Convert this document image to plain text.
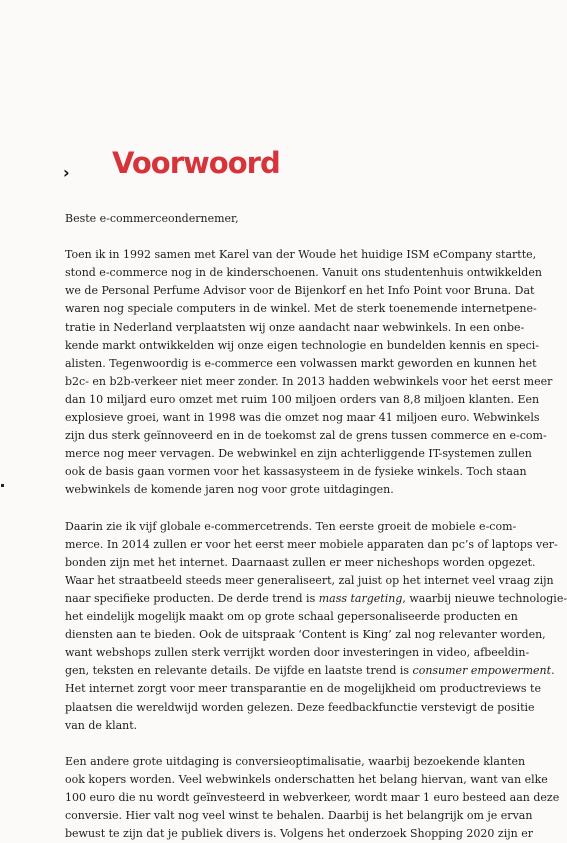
› Voorwoord

Beste e-commerceondernemer,

Toen ik in 1992 samen met Karel van der Woude het huidige ISM eCompany startte,
stond e-commerce nog in de kinderschoenen. Vanuit ons studentenhuis ontwikkelden
we de Personal Perfume Advisor voor de Bijenkorf en het Info Point voor Bruna. Dat
waren nog speciale computers in de winkel. Met de sterk toenemende internetpene-
tratie in Nederland verplaatsten wij onze aandacht naar webwinkels. In een onbe-
kende markt ontwikkelden wij onze eigen technologie en bundelden kennis en speci-
alisten. Tegenwoordig is e-commerce een volwassen markt geworden en kunnen het
b2c- en b2b-verkeer niet meer zonder. In 2013 hadden webwinkels voor het eerst meer
dan 10 miljard euro omzet met ruim 100 miljoen orders van 8,8 miljoen klanten. Een
explosieve groei, want in 1998 was die omzet nog maar 41 miljoen euro. Webwinkels
zijn dus sterk geïnnoveerd en in de toekomst zal de grens tussen commerce en e-com-
merce nog meer vervagen. De webwinkel en zijn achterliggende IT-systemen zullen
ook de basis gaan vormen voor het kassasysteem in de fysieke winkels. Toch staan
webwinkels de komende jaren nog voor grote uitdagingen.

Daarin zie ik vijf globale e-commercetrends. Ten eerste groeit de mobiele e-com-
merce. In 2014 zullen er voor het eerst meer mobiele apparaten dan pc’s of laptops ver-
bonden zijn met het internet. Daarnaast zullen er meer nicheshops worden opgezet.
Waar het straatbeeld steeds meer generaliseert, zal juist op het internet veel vraag zijn
naar specifieke producten. De derde trend is mass targeting, waarbij nieuwe technologie-
het eindelijk mogelijk maakt om op grote schaal gepersonaliseerde producten en
diensten aan te bieden. Ook de uitspraak ‘Content is King’ zal nog relevanter worden,
want webshops zullen sterk verrijkt worden door investeringen in video, afbeeldin-
gen, teksten en relevante details. De vijfde en laatste trend is consumer empowerment.
Het internet zorgt voor meer transparantie en de mogelijkheid om productreviews te
plaatsen die wereldwijd worden gelezen. Deze feedbackfunctie verstevigt de positie
van de klant.

Een andere grote uitdaging is conversieoptimalisatie, waarbij bezoekende klanten
ook kopers worden. Veel webwinkels onderschatten het belang hiervan, want van elke
100 euro die nu wordt geïnvesteerd in webverkeer, wordt maar 1 euro besteed aan deze
conversie. Hier valt nog veel winst te behalen. Daarbij is het belangrijk om je ervan
bewust te zijn dat je publiek divers is. Volgens het onderzoek Shopping 2020 zijn er
